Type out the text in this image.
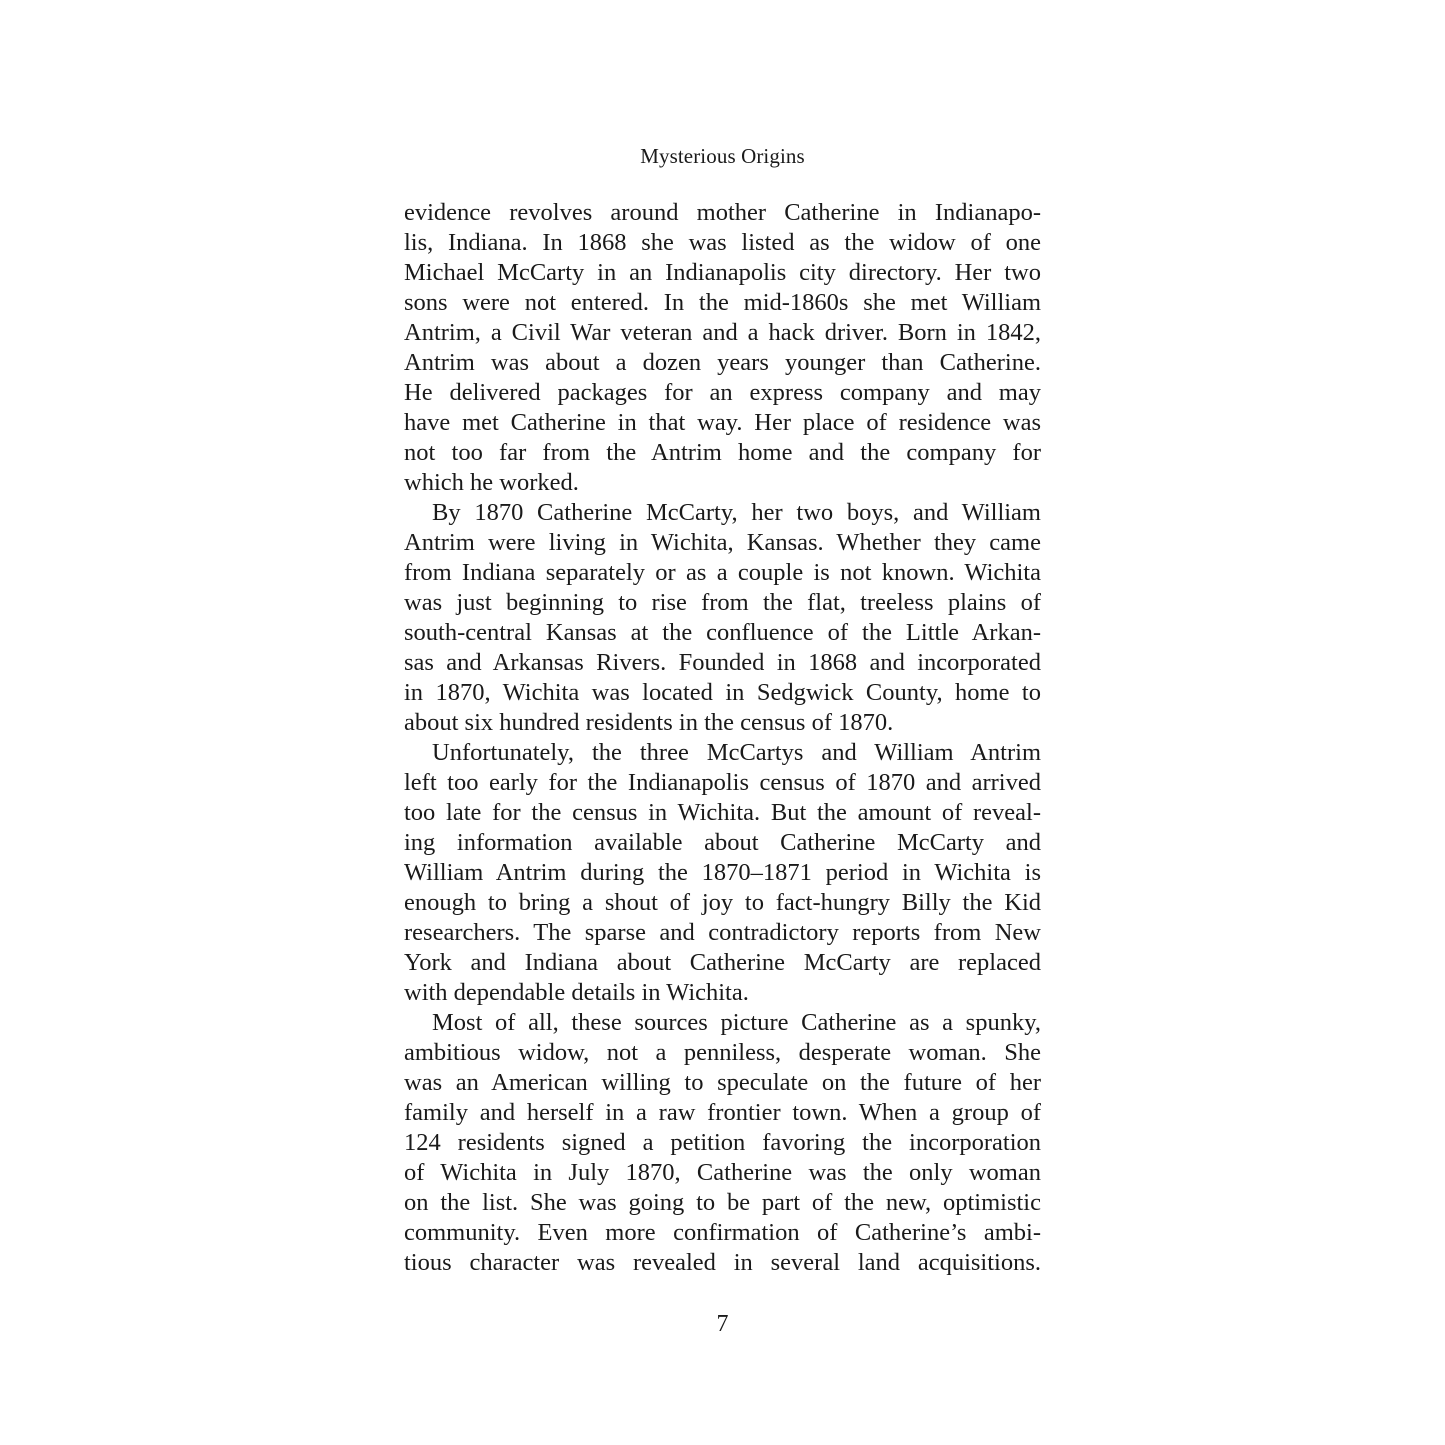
Mysterious Origins
evidence revolves around mother Catherine in Indianapo-
lis, Indiana. In 1868 she was listed as the widow of one
Michael McCarty in an Indianapolis city directory. Her two
sons were not entered. In the mid-1860s she met William
Antrim, a Civil War veteran and a hack driver. Born in 1842,
Antrim was about a dozen years younger than Catherine.
He delivered packages for an express company and may
have met Catherine in that way. Her place of residence was
not too far from the Antrim home and the company for
which he worked.
By 1870 Catherine McCarty, her two boys, and William
Antrim were living in Wichita, Kansas. Whether they came
from Indiana separately or as a couple is not known. Wichita
was just beginning to rise from the flat, treeless plains of
south-central Kansas at the confluence of the Little Arkan-
sas and Arkansas Rivers. Founded in 1868 and incorporated
in 1870, Wichita was located in Sedgwick County, home to
about six hundred residents in the census of 1870.
Unfortunately, the three McCartys and William Antrim
left too early for the Indianapolis census of 1870 and arrived
too late for the census in Wichita. But the amount of reveal-
ing information available about Catherine McCarty and
William Antrim during the 1870–1871 period in Wichita is
enough to bring a shout of joy to fact-hungry Billy the Kid
researchers. The sparse and contradictory reports from New
York and Indiana about Catherine McCarty are replaced
with dependable details in Wichita.
Most of all, these sources picture Catherine as a spunky,
ambitious widow, not a penniless, desperate woman. She
was an American willing to speculate on the future of her
family and herself in a raw frontier town. When a group of
124 residents signed a petition favoring the incorporation
of Wichita in July 1870, Catherine was the only woman
on the list. She was going to be part of the new, optimistic
community. Even more confirmation of Catherine’s ambi-
tious character was revealed in several land acquisitions.
7
